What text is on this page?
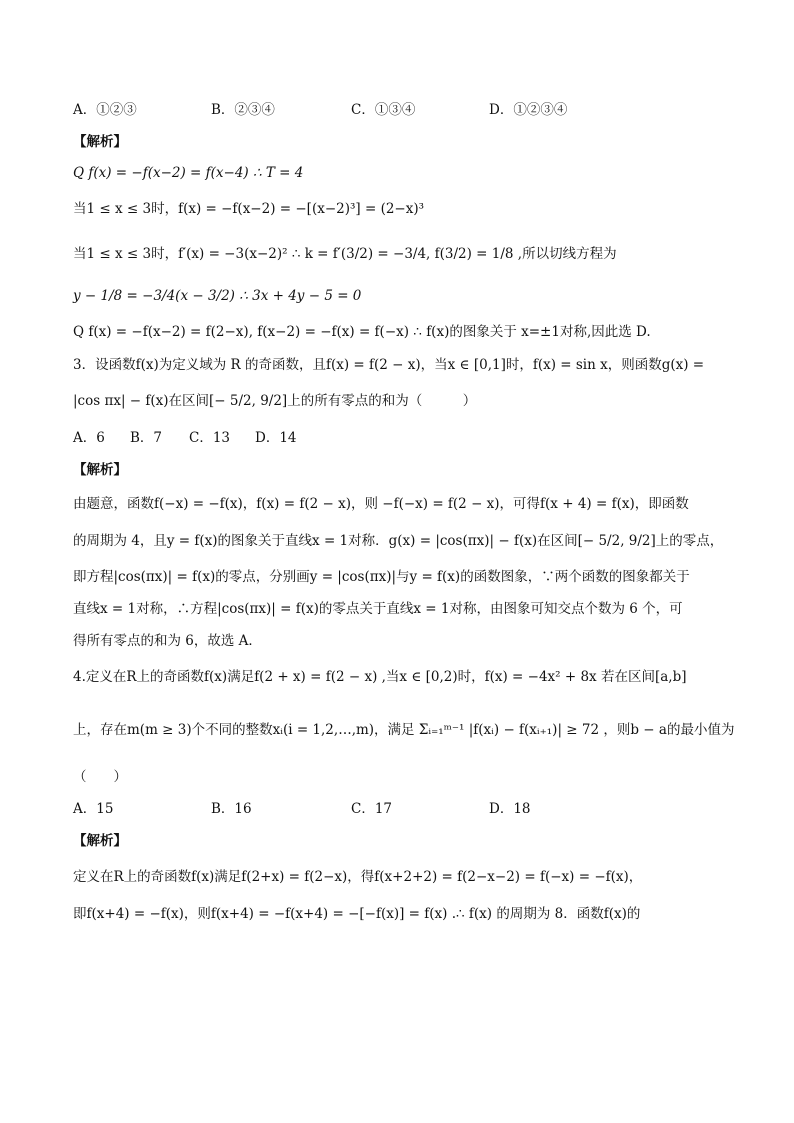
A．①②③	B．②③④	C．①③④	D．①②③④
【解析】
Q f(x) = −f(x−2) = f(x−4) ∴ T = 4
当1 ≤ x ≤ 3时，f(x) = −f(x−2) = −[(x−2)³] = (2−x)³
当1 ≤ x ≤ 3时，f′(x) = −3(x−2)² ∴ k = f′(3/2) = −3/4, f(3/2) = 1/8 ,所以切线方程为
y − 1/8 = −3/4(x − 3/2) ∴ 3x + 4y − 5 = 0
Q f(x) = −f(x−2) = f(2−x), f(x−2) = −f(x) = f(−x) ∴ f(x)的图象关于 x=±1对称,因此选 D.
3．设函数f(x)为定义域为 R 的奇函数，且f(x) = f(2 − x)，当x ∈ [0,1]时，f(x) = sin x，则函数g(x) =
|cos πx| − f(x)在区间[− 5/2, 9/2]上的所有零点的和为（　　　）
A．6 B．7 C．13 D．14
【解析】
由题意，函数f(−x) = −f(x)，f(x) = f(2 − x)，则 −f(−x) = f(2 − x)，可得f(x + 4) = f(x)，即函数
的周期为 4，且y = f(x)的图象关于直线x = 1对称．g(x) = |cos(πx)| − f(x)在区间[− 5/2, 9/2]上的零点，
即方程|cos(πx)| = f(x)的零点，分别画y = |cos(πx)|与y = f(x)的函数图象，∵两个函数的图象都关于
直线x = 1对称，∴方程|cos(πx)| = f(x)的零点关于直线x = 1对称，由图象可知交点个数为 6 个，可
得所有零点的和为 6，故选 A．
4.定义在R上的奇函数f(x)满足f(2 + x) = f(2 − x) ,当x ∈ [0,2)时，f(x) = −4x² + 8x 若在区间[a,b]
上，存在m(m ≥ 3)个不同的整数xᵢ(i = 1,2,…,m)，满足 Σᵢ₌₁ᵐ⁻¹ |f(xᵢ) − f(xᵢ₊₁)| ≥ 72 ，则b − a的最小值为
（　　）
A．15	B．16	C．17	D．18
【解析】
定义在R上的奇函数f(x)满足f(2+x) = f(2−x)，得f(x+2+2) = f(2−x−2) = f(−x) = −f(x)，
即f(x+4) = −f(x)，则f(x+4) = −f(x+4) = −[−f(x)] = f(x) .∴ f(x) 的周期为 8．函数f(x)的
